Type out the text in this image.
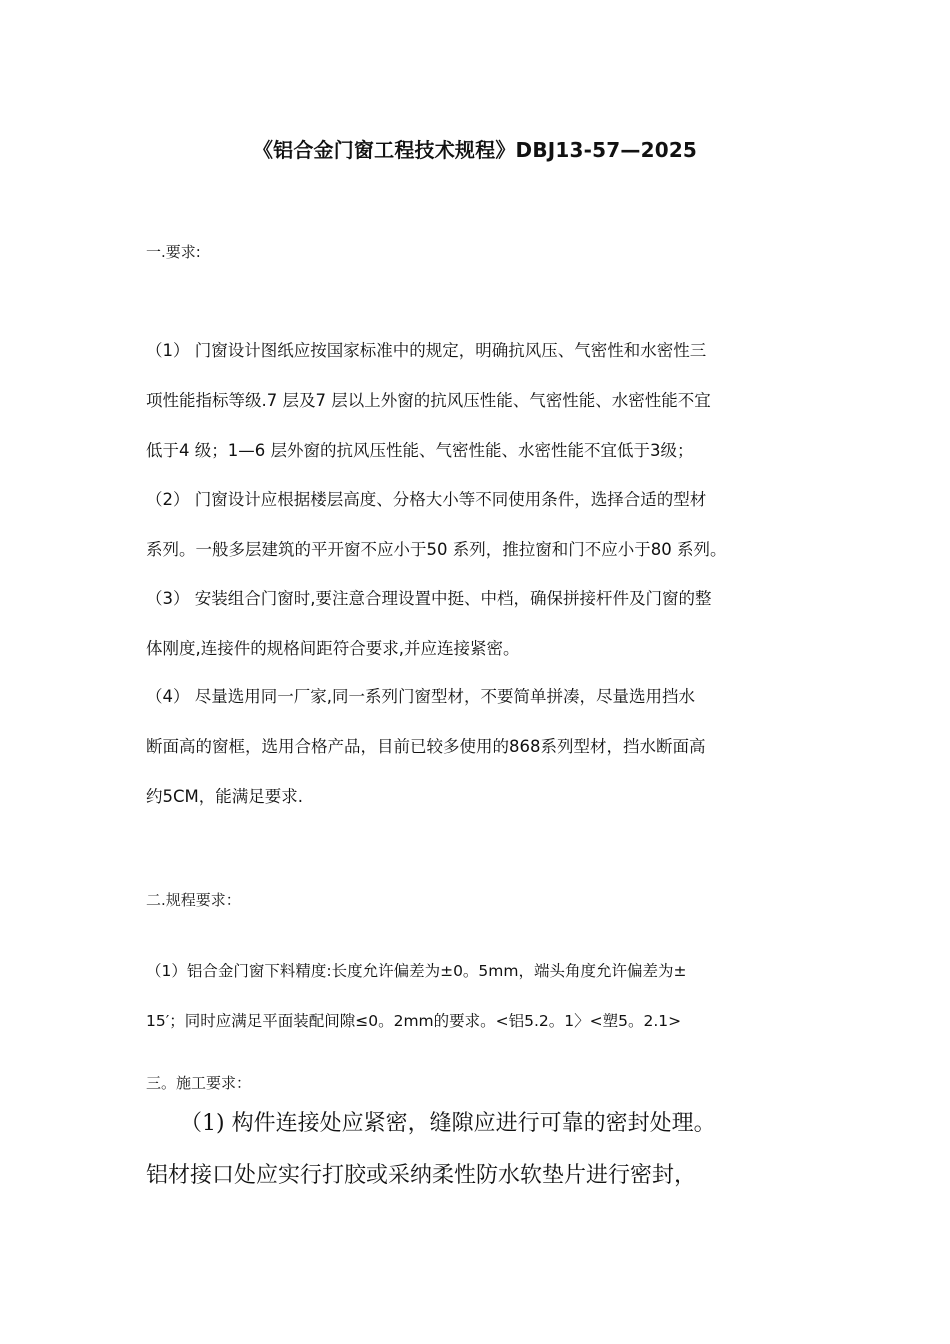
《铝合金门窗工程技术规程》DBJ13-57—2025
一.要求:
（1） 门窗设计图纸应按国家标准中的规定，明确抗风压、气密性和水密性三
项性能指标等级.7 层及7 层以上外窗的抗风压性能、气密性能、水密性能不宜
低于4 级；1—6 层外窗的抗风压性能、气密性能、水密性能不宜低于3级；
（2） 门窗设计应根据楼层高度、分格大小等不同使用条件，选择合适的型材
系列。一般多层建筑的平开窗不应小于50 系列，推拉窗和门不应小于80 系列。
（3） 安装组合门窗时,要注意合理设置中挺、中档，确保拼接杆件及门窗的整
体刚度,连接件的规格间距符合要求,并应连接紧密。
（4） 尽量选用同一厂家,同一系列门窗型材，不要简单拼凑，尽量选用挡水
断面高的窗框，选用合格产品，目前已较多使用的868系列型材，挡水断面高
约5CM，能满足要求.
二.规程要求：
（1）铝合金门窗下料精度:长度允许偏差为±0。5mm，端头角度允许偏差为±
15′；同时应满足平面装配间隙≤0。2mm的要求。<铝5.2。1〉<塑5。2.1>
三。施工要求：
（1) 构件连接处应紧密，缝隙应进行可靠的密封处理。
铝材接口处应实行打胶或采纳柔性防水软垫片进行密封，
